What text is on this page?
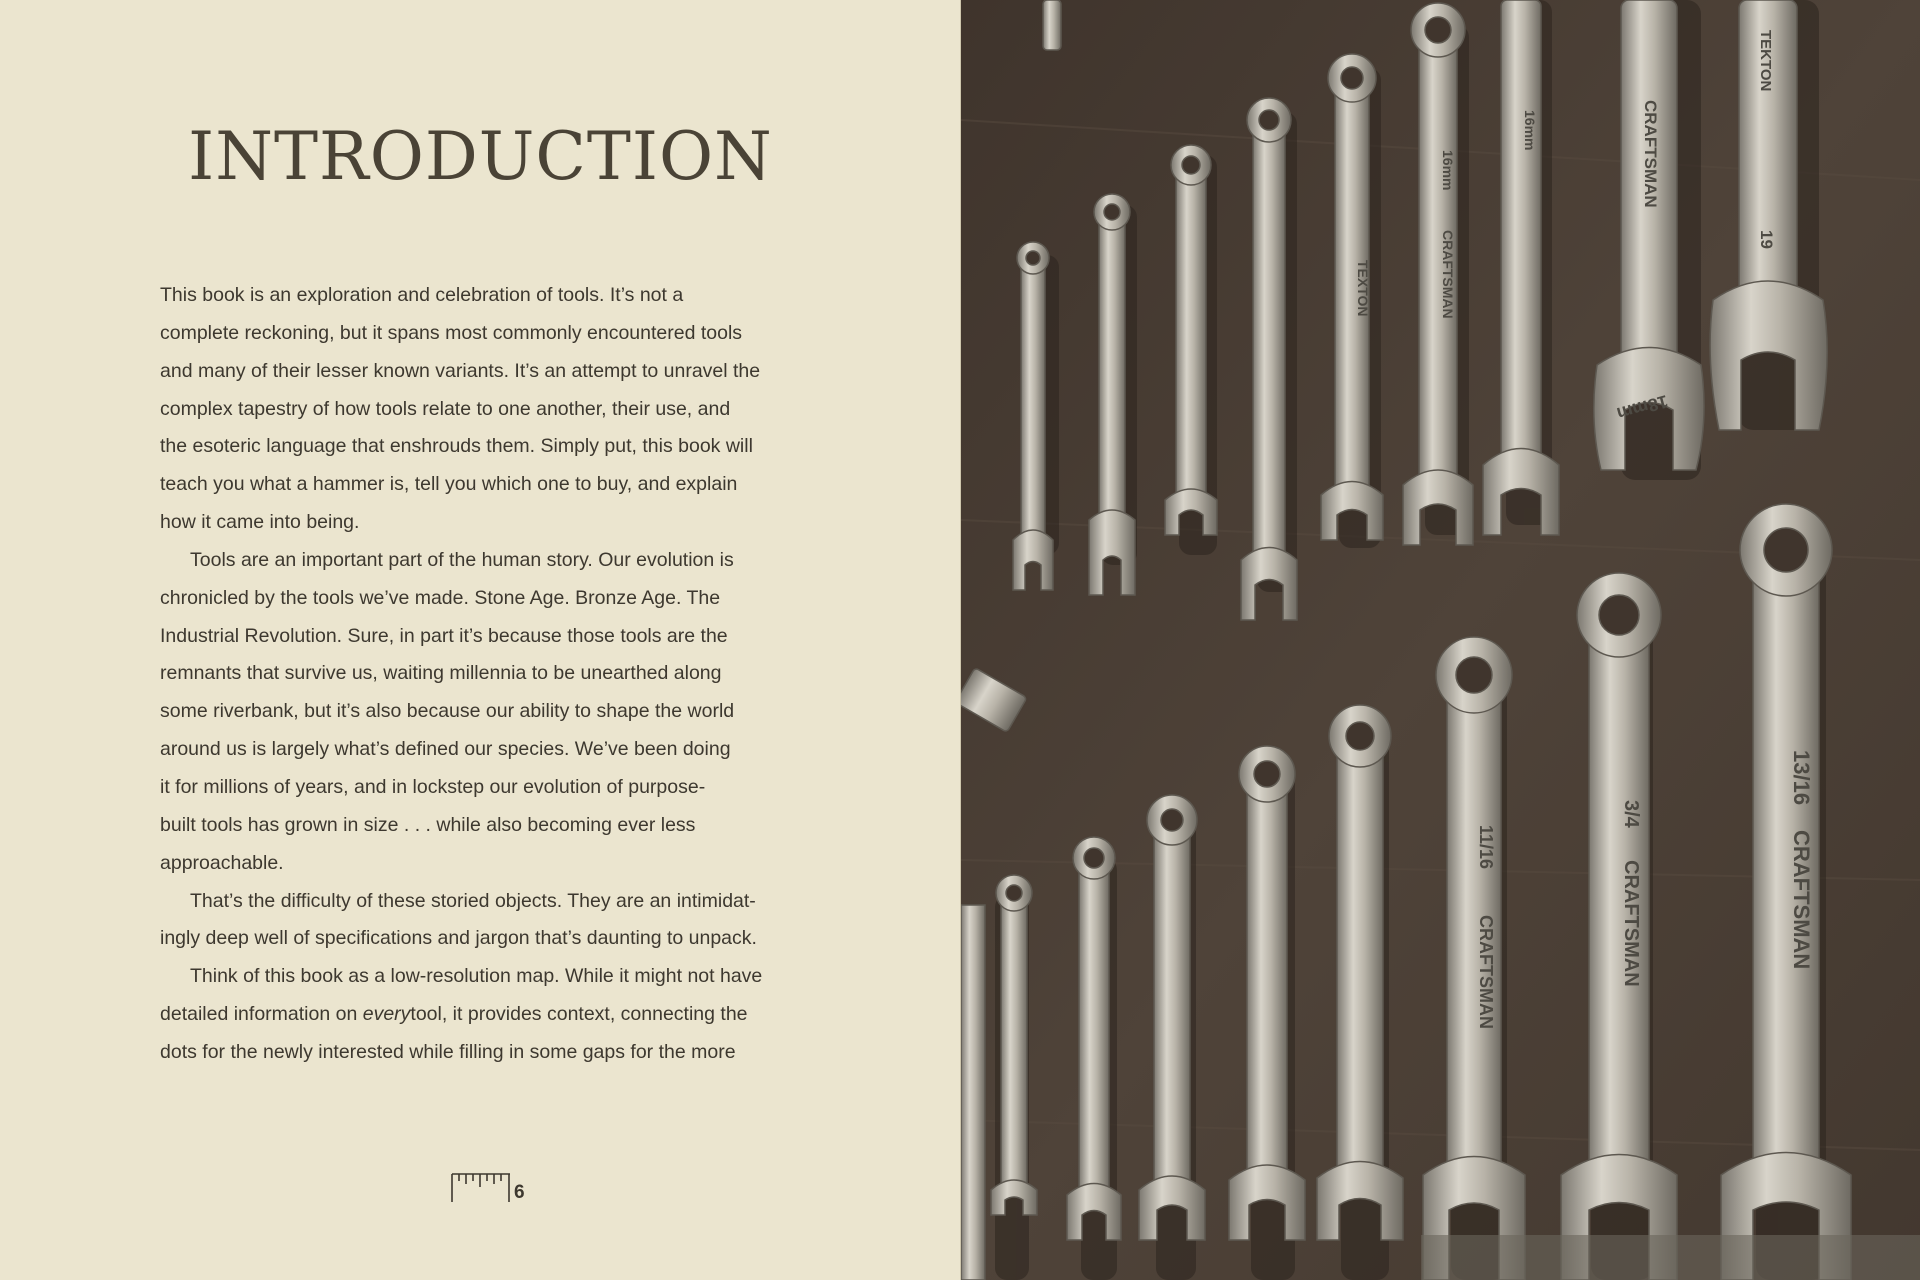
INTRODUCTION
This book is an exploration and celebration of tools. It’s not a
complete reckoning, but it spans most commonly encountered tools
and many of their lesser known variants. It’s an attempt to unravel the
complex tapestry of how tools relate to one another, their use, and
the esoteric language that enshrouds them. Simply put, this book will
teach you what a hammer is, tell you which one to buy, and explain
how it came into being.
Tools are an important part of the human story. Our evolution is
chronicled by the tools we’ve made. Stone Age. Bronze Age. The
Industrial Revolution. Sure, in part it’s because those tools are the
remnants that survive us, waiting millennia to be unearthed along
some riverbank, but it’s also because our ability to shape the world
around us is largely what’s defined our species. We’ve been doing
it for millions of years, and in lockstep our evolution of purpose-
built tools has grown in size . . . while also becoming ever less
approachable.
That’s the difficulty of these storied objects. They are an intimidat-
ingly deep well of specifications and jargon that’s daunting to unpack.
Think of this book as a low-resolution map. While it might not have
detailed information on everytool, it provides context, connecting the
dots for the newly interested while filling in some gaps for the more
6
TEXTON
16mm
CRAFTSMAN
16mm
18mm
CRAFTSMAN
19
TEKTON
11/16
CRAFTSMAN
3/4
CRAFTSMAN
13/16
CRAFTSMAN
